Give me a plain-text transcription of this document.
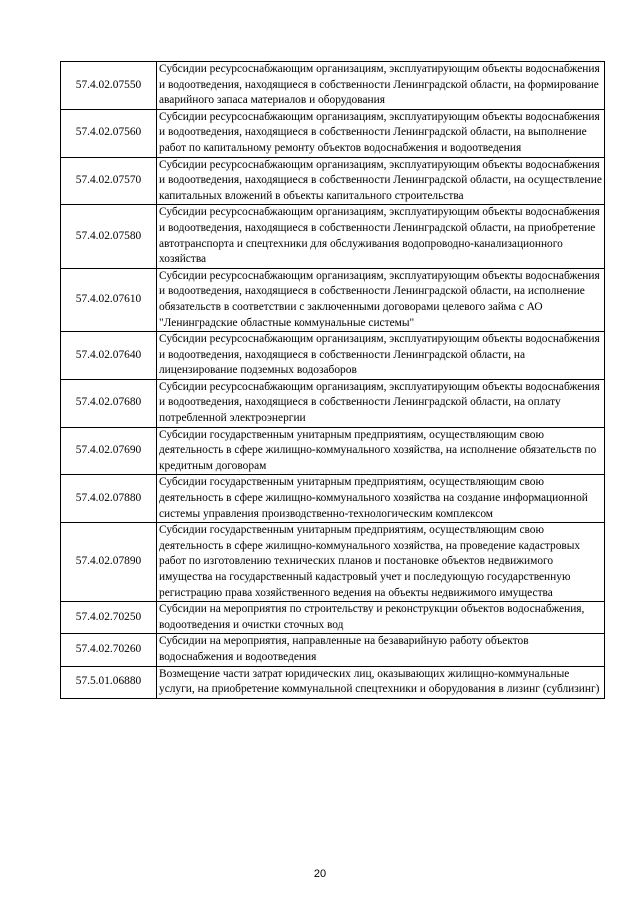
57.4.02.07550	Субсидии ресурсоснабжающим организациям, эксплуатирующим объекты водоснабжения и водоотведения, находящиеся в собственности Ленинградской области, на формирование аварийного запаса материалов и оборудования
57.4.02.07560	Субсидии ресурсоснабжающим организациям, эксплуатирующим объекты водоснабжения и водоотведения, находящиеся в собственности Ленинградской области, на выполнение работ по капитальному ремонту объектов водоснабжения и водоотведения
57.4.02.07570	Субсидии ресурсоснабжающим организациям, эксплуатирующим объекты водоснабжения и водоотведения, находящиеся в собственности Ленинградской области, на осуществление капитальных вложений в объекты капитального строительства
57.4.02.07580	Субсидии ресурсоснабжающим организациям, эксплуатирующим объекты водоснабжения и водоотведения, находящиеся в собственности Ленинградской области, на приобретение автотранспорта и спецтехники для обслуживания водопроводно-канализационного хозяйства
57.4.02.07610	Субсидии ресурсоснабжающим организациям, эксплуатирующим объекты водоснабжения и водоотведения, находящиеся в собственности Ленинградской области, на исполнение обязательств в соответствии с заключенными договорами целевого займа с АО "Ленинградские областные коммунальные системы"
57.4.02.07640	Субсидии ресурсоснабжающим организациям, эксплуатирующим объекты водоснабжения и водоотведения, находящиеся в собственности Ленинградской области, на лицензирование подземных водозаборов
57.4.02.07680	Субсидии ресурсоснабжающим организациям, эксплуатирующим объекты водоснабжения и водоотведения, находящиеся в собственности Ленинградской области, на оплату потребленной электроэнергии
57.4.02.07690	Субсидии государственным унитарным предприятиям, осуществляющим свою деятельность в сфере жилищно-коммунального хозяйства, на исполнение обязательств по кредитным договорам
57.4.02.07880	Субсидии государственным унитарным предприятиям, осуществляющим свою деятельность в сфере жилищно-коммунального хозяйства на создание информационной системы управления производственно-технологическим комплексом
57.4.02.07890	Субсидии государственным унитарным предприятиям, осуществляющим свою деятельность в сфере жилищно-коммунального хозяйства, на проведение кадастровых работ по изготовлению технических планов и постановке объектов недвижимого имущества на государственный кадастровый учет и последующую государственную регистрацию права хозяйственного ведения на объекты недвижимого имущества
57.4.02.70250	Субсидии на мероприятия по строительству и реконструкции объектов водоснабжения, водоотведения и очистки сточных вод
57.4.02.70260	Субсидии на мероприятия, направленные на безаварийную работу объектов водоснабжения и водоотведения
57.5.01.06880	Возмещение части затрат юридических лиц, оказывающих жилищно-коммунальные услуги, на приобретение коммунальной спецтехники и оборудования в лизинг (сублизинг)
20
